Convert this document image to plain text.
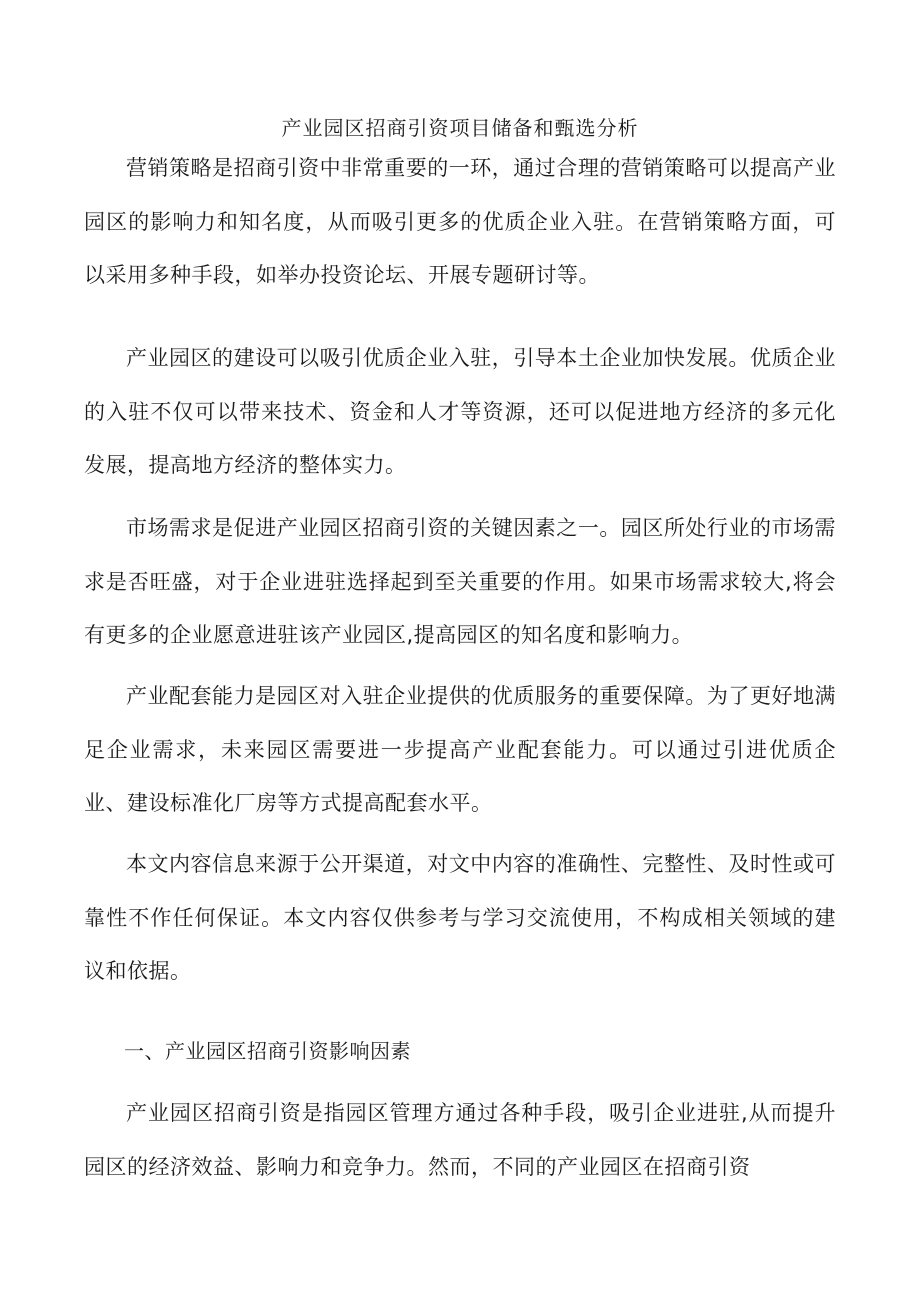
产业园区招商引资项目储备和甄选分析

营销策略是招商引资中非常重要的一环，通过合理的营销策略可以提高产业园区的影响力和知名度，从而吸引更多的优质企业入驻。在营销策略方面，可以采用多种手段，如举办投资论坛、开展专题研讨等。

产业园区的建设可以吸引优质企业入驻，引导本土企业加快发展。优质企业的入驻不仅可以带来技术、资金和人才等资源，还可以促进地方经济的多元化发展，提高地方经济的整体实力。

市场需求是促进产业园区招商引资的关键因素之一。园区所处行业的市场需求是否旺盛，对于企业进驻选择起到至关重要的作用。如果市场需求较大,将会有更多的企业愿意进驻该产业园区,提高园区的知名度和影响力。

产业配套能力是园区对入驻企业提供的优质服务的重要保障。为了更好地满足企业需求，未来园区需要进一步提高产业配套能力。可以通过引进优质企业、建设标准化厂房等方式提高配套水平。

本文内容信息来源于公开渠道，对文中内容的准确性、完整性、及时性或可靠性不作任何保证。本文内容仅供参考与学习交流使用，不构成相关领域的建议和依据。

一、产业园区招商引资影响因素

产业园区招商引资是指园区管理方通过各种手段，吸引企业进驻,从而提升园区的经济效益、影响力和竞争力。然而，不同的产业园区在招商引资
